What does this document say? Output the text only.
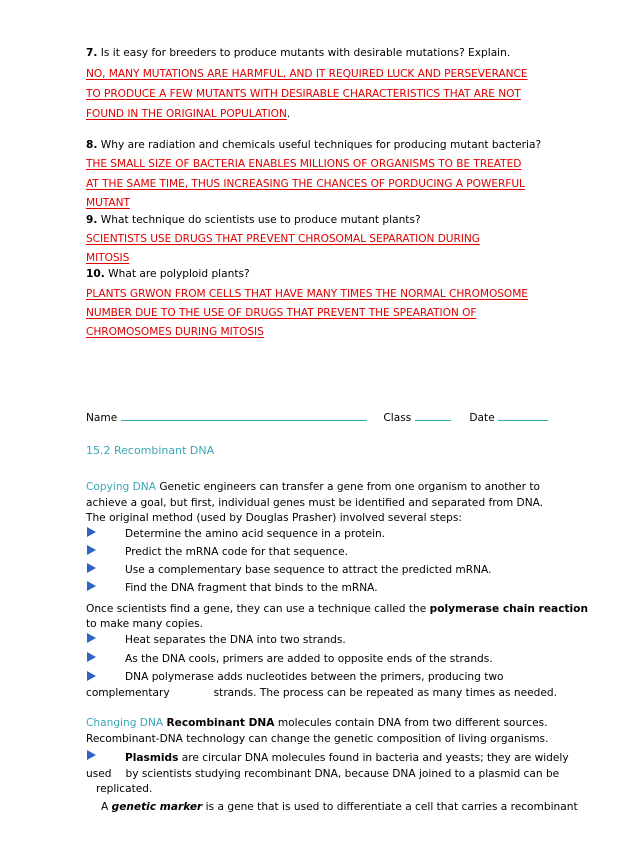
7. Is it easy for breeders to produce mutants with desirable mutations? Explain.
NO, MANY MUTATIONS ARE HARMFUL, AND IT REQUIRED LUCK AND PERSEVERANCE
TO PRODUCE A FEW MUTANTS WITH DESIRABLE CHARACTERISTICS THAT ARE NOT
FOUND IN THE ORIGINAL POPULATION.
8. Why are radiation and chemicals useful techniques for producing mutant bacteria?
THE SMALL SIZE OF BACTERIA ENABLES MILLIONS OF ORGANISMS TO BE TREATED
AT THE SAME TIME, THUS INCREASING THE CHANCES OF PORDUCING A POWERFUL
MUTANT
9. What technique do scientists use to produce mutant plants?
SCIENTISTS USE DRUGS THAT PREVENT CHROSOMAL SEPARATION DURING
MITOSIS
10. What are polyploid plants?
PLANTS GRWON FROM CELLS THAT HAVE MANY TIMES THE NORMAL CHROMOSOME
NUMBER DUE TO THE USE OF DRUGS THAT PREVENT THE SPEARATION OF
CHROMOSOMES DURING MITOSIS
Name	Class	Date
15.2 Recombinant DNA
Copying DNA Genetic engineers can transfer a gene from one organism to another to
achieve a goal, but first, individual genes must be identified and separated from DNA.
The original method (used by Douglas Prasher) involved several steps:
Determine the amino acid sequence in a protein.
Predict the mRNA code for that sequence.
Use a complementary base sequence to attract the predicted mRNA.
Find the DNA fragment that binds to the mRNA.
Once scientists find a gene, they can use a technique called the polymerase chain reaction
to make many copies.
Heat separates the DNA into two strands.
As the DNA cools, primers are added to opposite ends of the strands.
DNA polymerase adds nucleotides between the primers, producing two
complementary	strands. The process can be repeated as many times as needed.
Changing DNA Recombinant DNA molecules contain DNA from two different sources.
Recombinant-DNA technology can change the genetic composition of living organisms.
Plasmids are circular DNA molecules found in bacteria and yeasts; they are widely
used by scientists studying recombinant DNA, because DNA joined to a plasmid can be
replicated.
A genetic marker is a gene that is used to differentiate a cell that carries a recombinant
